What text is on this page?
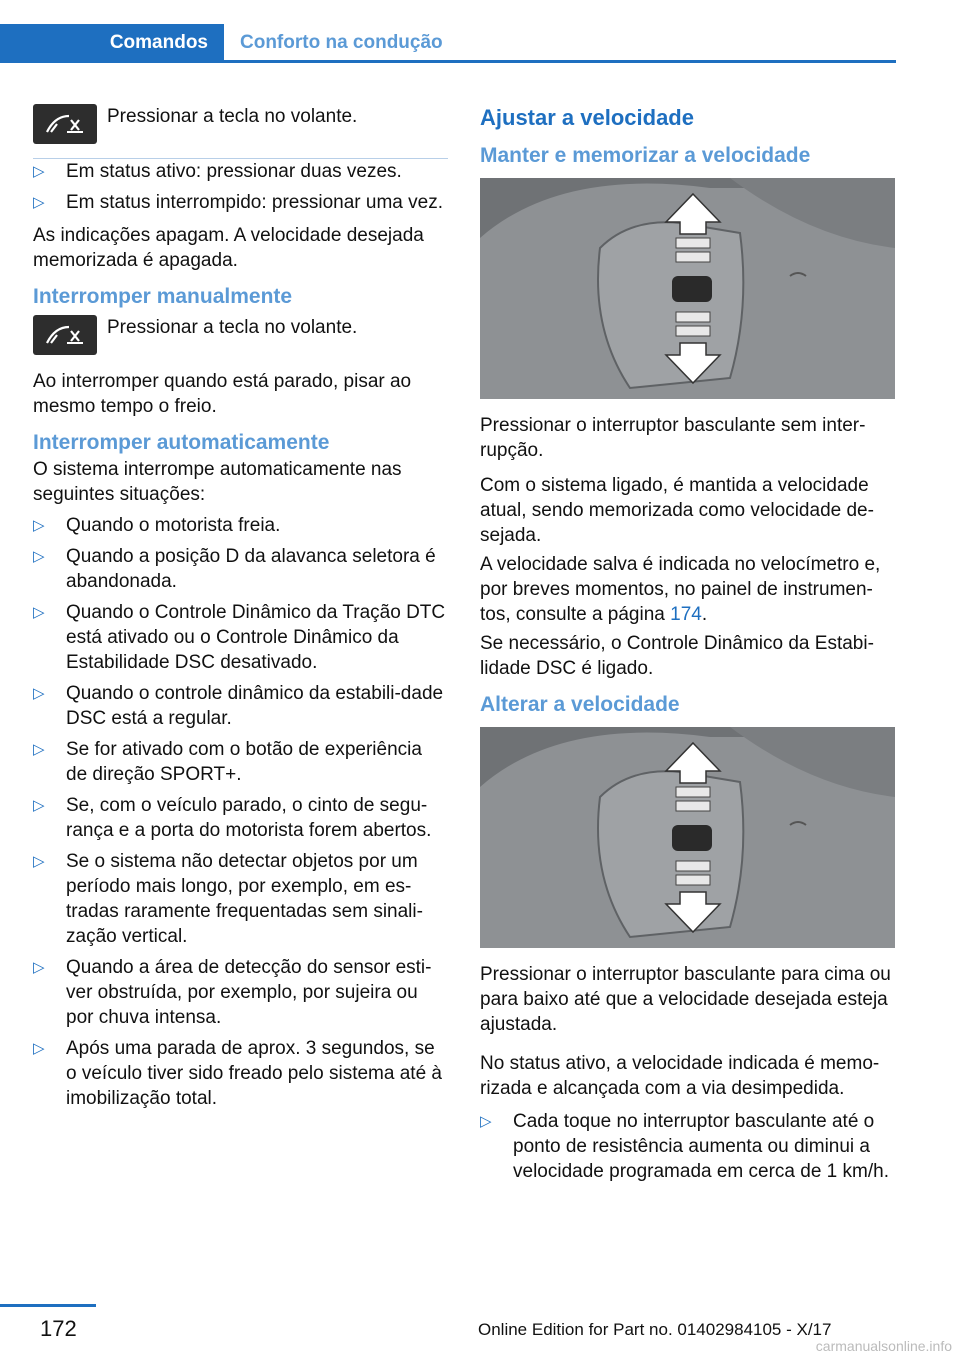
Comandos	Conforto na condução

Pressionar a tecla no volante.

▷ Em status ativo: pressionar duas vezes.
▷ Em status interrompido: pressionar uma vez.

As indicações apagam. A velocidade desejada memorizada é apagada.

Interromper manualmente

Pressionar a tecla no volante.

Ao interromper quando está parado, pisar ao mesmo tempo o freio.

Interromper automaticamente

O sistema interrompe automaticamente nas seguintes situações:

▷ Quando o motorista freia.
▷ Quando a posição D da alavanca seletora é abandonada.
▷ Quando o Controle Dinâmico da Tração DTC está ativado ou o Controle Dinâmico da Estabilidade DSC desativado.
▷ Quando o controle dinâmico da estabili‐dade DSC está a regular.
▷ Se for ativado com o botão de experiência de direção SPORT+.
▷ Se, com o veículo parado, o cinto de segu‐rança e a porta do motorista forem abertos.
▷ Se o sistema não detectar objetos por um período mais longo, por exemplo, em es‐tradas raramente frequentadas sem sinali‐zação vertical.
▷ Quando a área de detecção do sensor esti‐ver obstruída, por exemplo, por sujeira ou por chuva intensa.
▷ Após uma parada de aprox. 3 segundos, se o veículo tiver sido freado pelo sistema até à imobilização total.
Ajustar a velocidade
Manter e memorizar a velocidade

Pressionar o interruptor basculante sem inter‐rupção.

Com o sistema ligado, é mantida a velocidade atual, sendo memorizada como velocidade de‐sejada.

A velocidade salva é indicada no velocímetro e, por breves momentos, no painel de instrumen‐tos, consulte a página 174.

Se necessário, o Controle Dinâmico da Estabi‐lidade DSC é ligado.

Alterar a velocidade

Pressionar o interruptor basculante para cima ou para baixo até que a velocidade desejada esteja ajustada.

No status ativo, a velocidade indicada é memo‐rizada e alcançada com a via desimpedida.

▷ Cada toque no interruptor basculante até o ponto de resistência aumenta ou diminui a velocidade programada em cerca de 1 km/h.
172	Online Edition for Part no. 01402984105 - X/17
carmanualsonline.info
